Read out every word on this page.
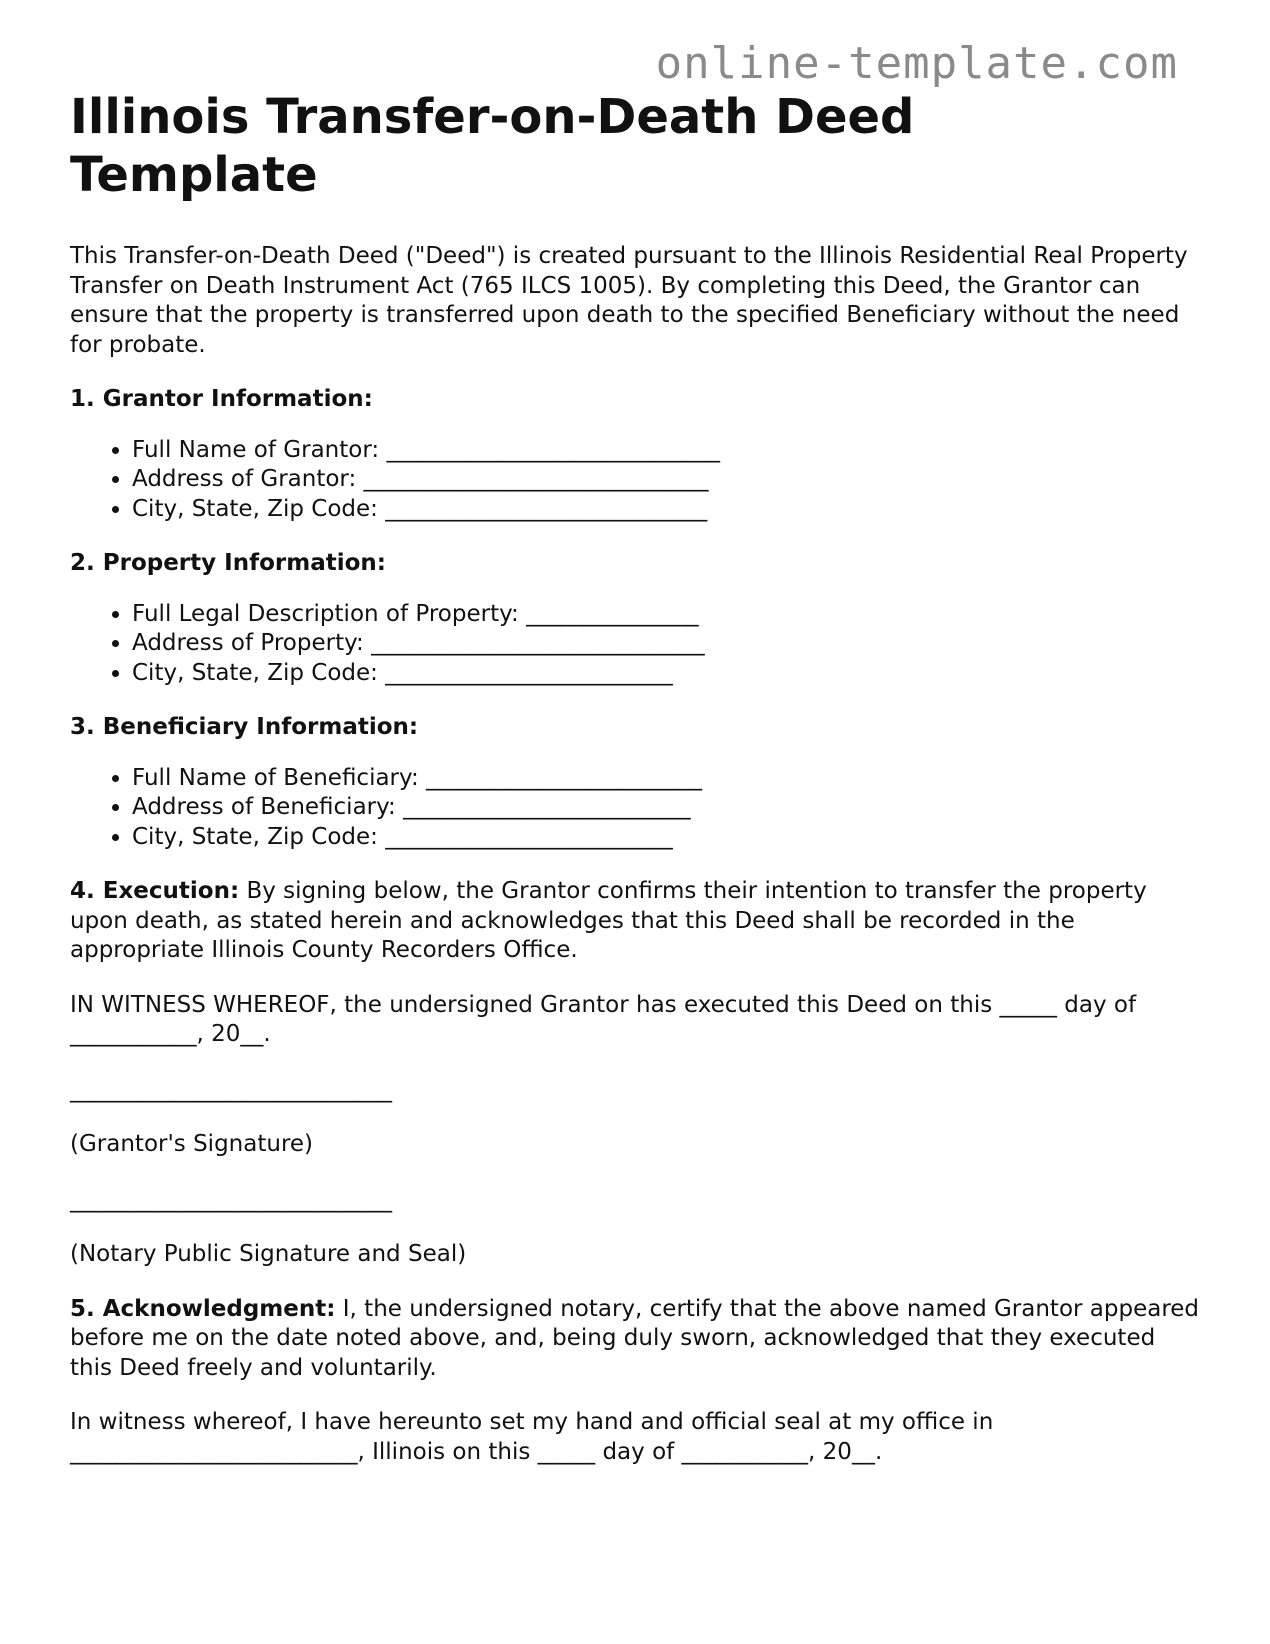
online-template.com
Illinois Transfer-on-Death Deed Template

This Transfer-on-Death Deed ("Deed") is created pursuant to the Illinois Residential Real Property Transfer on Death Instrument Act (765 ILCS 1005). By completing this Deed, the Grantor can ensure that the property is transferred upon death to the specified Beneficiary without the need for probate.

1. Grantor Information:

• Full Name of Grantor: _____________________________
• Address of Grantor: ______________________________
• City, State, Zip Code: ____________________________

2. Property Information:

• Full Legal Description of Property: _______________
• Address of Property: _____________________________
• City, State, Zip Code: _________________________

3. Beneficiary Information:

• Full Name of Beneficiary: ________________________
• Address of Beneficiary: _________________________
• City, State, Zip Code: _________________________

4. Execution: By signing below, the Grantor confirms their intention to transfer the property upon death, as stated herein and acknowledges that this Deed shall be recorded in the appropriate Illinois County Recorders Office.

IN WITNESS WHEREOF, the undersigned Grantor has executed this Deed on this _____ day of ___________, 20__.

____________________________

(Grantor's Signature)

____________________________

(Notary Public Signature and Seal)

5. Acknowledgment: I, the undersigned notary, certify that the above named Grantor appeared before me on the date noted above, and, being duly sworn, acknowledged that they executed this Deed freely and voluntarily.

In witness whereof, I have hereunto set my hand and official seal at my office in _________________________, Illinois on this _____ day of ___________, 20__.
